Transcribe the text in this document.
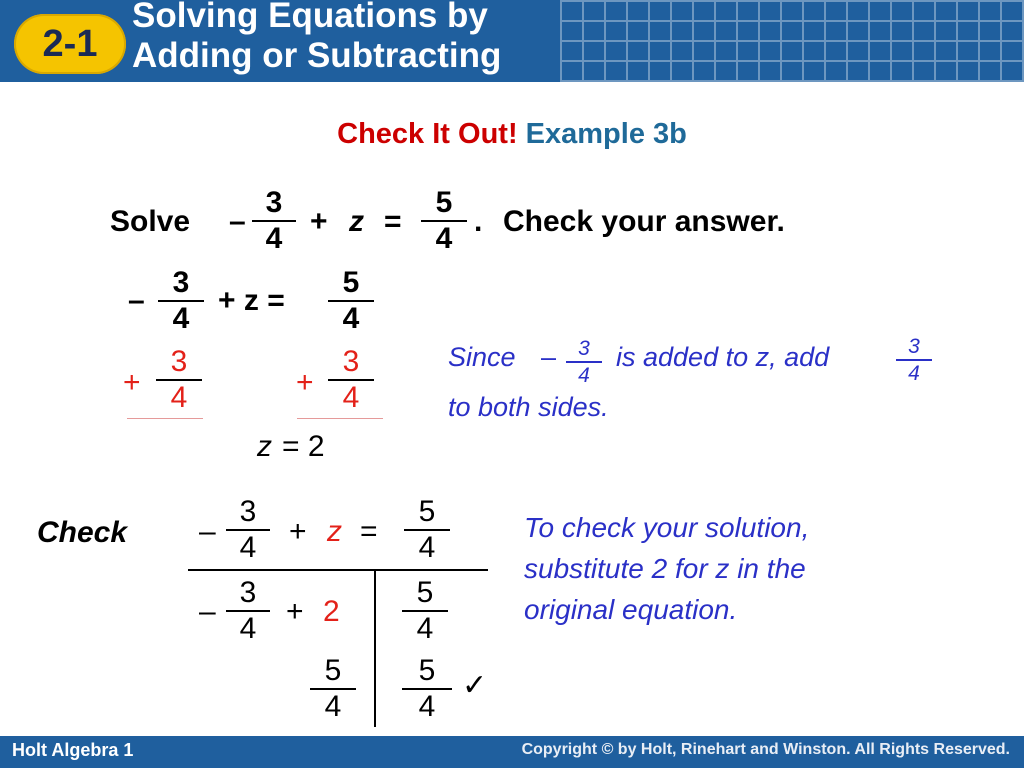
2-1
Solving Equations by
Adding or Subtracting
Check It Out! Example 3b
Solve –
3
4
+ z =
5
4
. Check your answer.
–
3
4
+ z =
5
4
+
3
4	+
3
4
z = 2
Since –	3
4
is added to z, add	3
4
to both sides.
Check –
3
4	+ z =
5
4
–
3
4
+ 2
5
4
5
4
5
4
✓
To check your solution,
substitute 2 for z in the
original equation.
Holt Algebra 1	Copyright © by Holt, Rinehart and Winston. All Rights Reserved.
